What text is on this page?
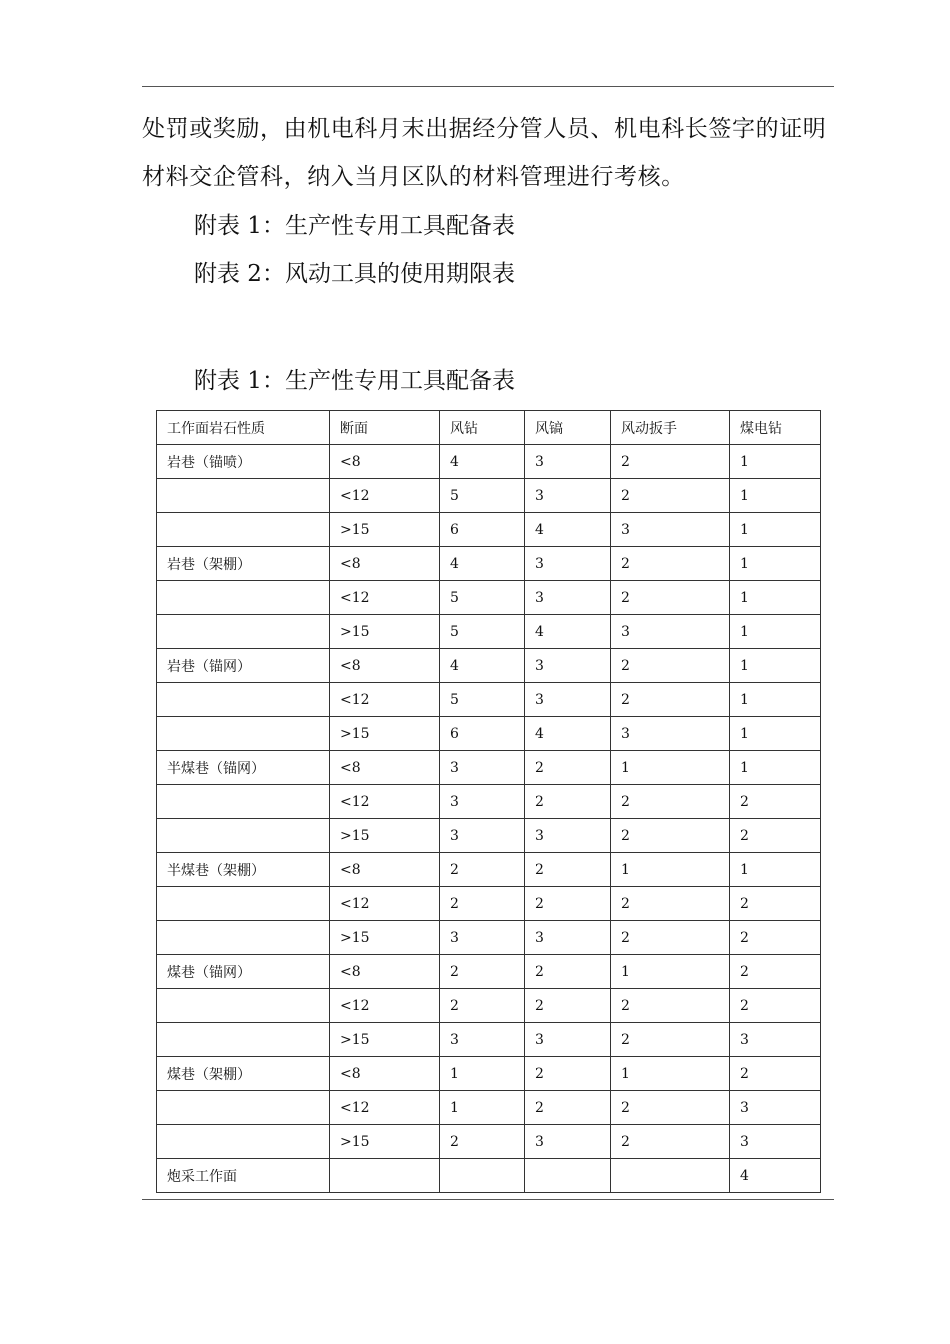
处罚或奖励，由机电科月末出据经分管人员、机电科长签字的证明材料交企管科，纳入当月区队的材料管理进行考核。
附表 1：生产性专用工具配备表
附表 2：风动工具的使用期限表
附表 1：生产性专用工具配备表
工作面岩石性质	断面	风钻	风镐	风动扳手	煤电钻
岩巷（锚喷）	<8	4	3	2	1
	<12	5	3	2	1
	>15	6	4	3	1
岩巷（架棚）	<8	4	3	2	1
	<12	5	3	2	1
	>15	5	4	3	1
岩巷（锚网）	<8	4	3	2	1
	<12	5	3	2	1
	>15	6	4	3	1
半煤巷（锚网）	<8	3	2	1	1
	<12	3	2	2	2
	>15	3	3	2	2
半煤巷（架棚）	<8	2	2	1	1
	<12	2	2	2	2
	>15	3	3	2	2
煤巷（锚网）	<8	2	2	1	2
	<12	2	2	2	2
	>15	3	3	2	3
煤巷（架棚）	<8	1	2	1	2
	<12	1	2	2	3
	>15	2	3	2	3
炮采工作面					4
